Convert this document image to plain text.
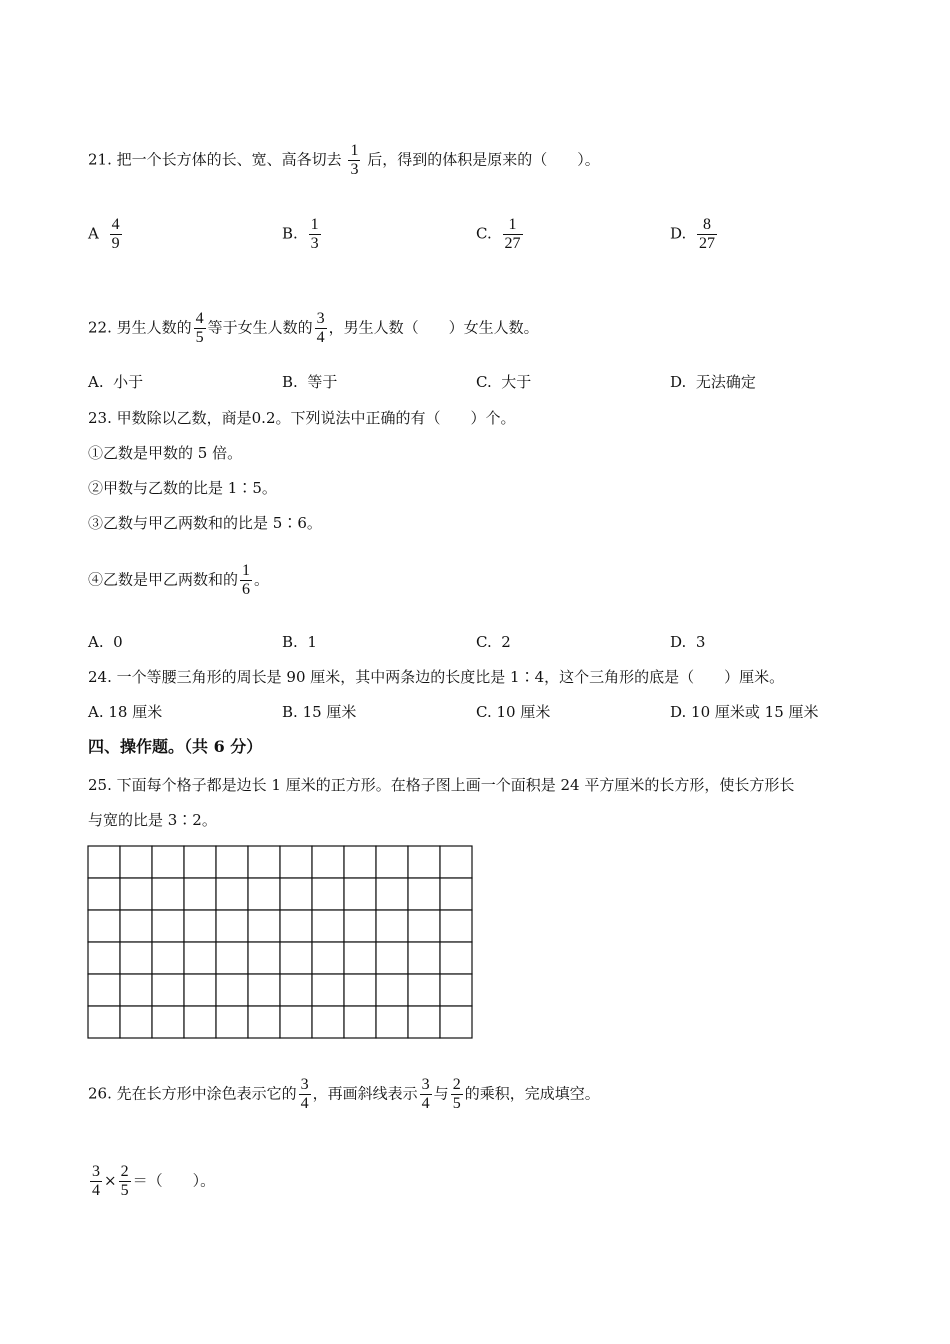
21. 把一个长方体的长、宽、高各切去 $\frac{1}{3}$ 后，得到的体积是原来的（　　）。
A $\frac{4}{9}$	B. $\frac{1}{3}$	C. $\frac{1}{27}$	D. $\frac{8}{27}$
22. 男生人数的 $\frac{4}{5}$ 等于女生人数的 $\frac{3}{4}$ ，男生人数（　　）女生人数。
A. 小于	B. 等于	C. 大于	D. 无法确定
23. 甲数除以乙数，商是0.2。下列说法中正确的有（　　）个。
①乙数是甲数的 5 倍。
②甲数与乙数的比是 1∶5。
③乙数与甲乙两数和的比是 5∶6。
④乙数是甲乙两数和的 $\frac{1}{6}$ 。
A. 0	B. 1	C. 2	D. 3
24. 一个等腰三角形的周长是 90 厘米，其中两条边的长度比是 1∶4，这个三角形的底是（　　）厘米。
A. 18 厘米	B. 15 厘米	C. 10 厘米	D. 10 厘米或 15 厘米
四、操作题。（共 6 分）
25. 下面每个格子都是边长 1 厘米的正方形。在格子图上画一个面积是 24 平方厘米的长方形，使长方形长
与宽的比是 3∶2。
26. 先在长方形中涂色表示它的 $\frac{3}{4}$ ，再画斜线表示 $\frac{3}{4}$ 与 $\frac{2}{5}$ 的乘积，完成填空。
$\frac{3}{4} \times \frac{2}{5}$ ＝（　　）。
